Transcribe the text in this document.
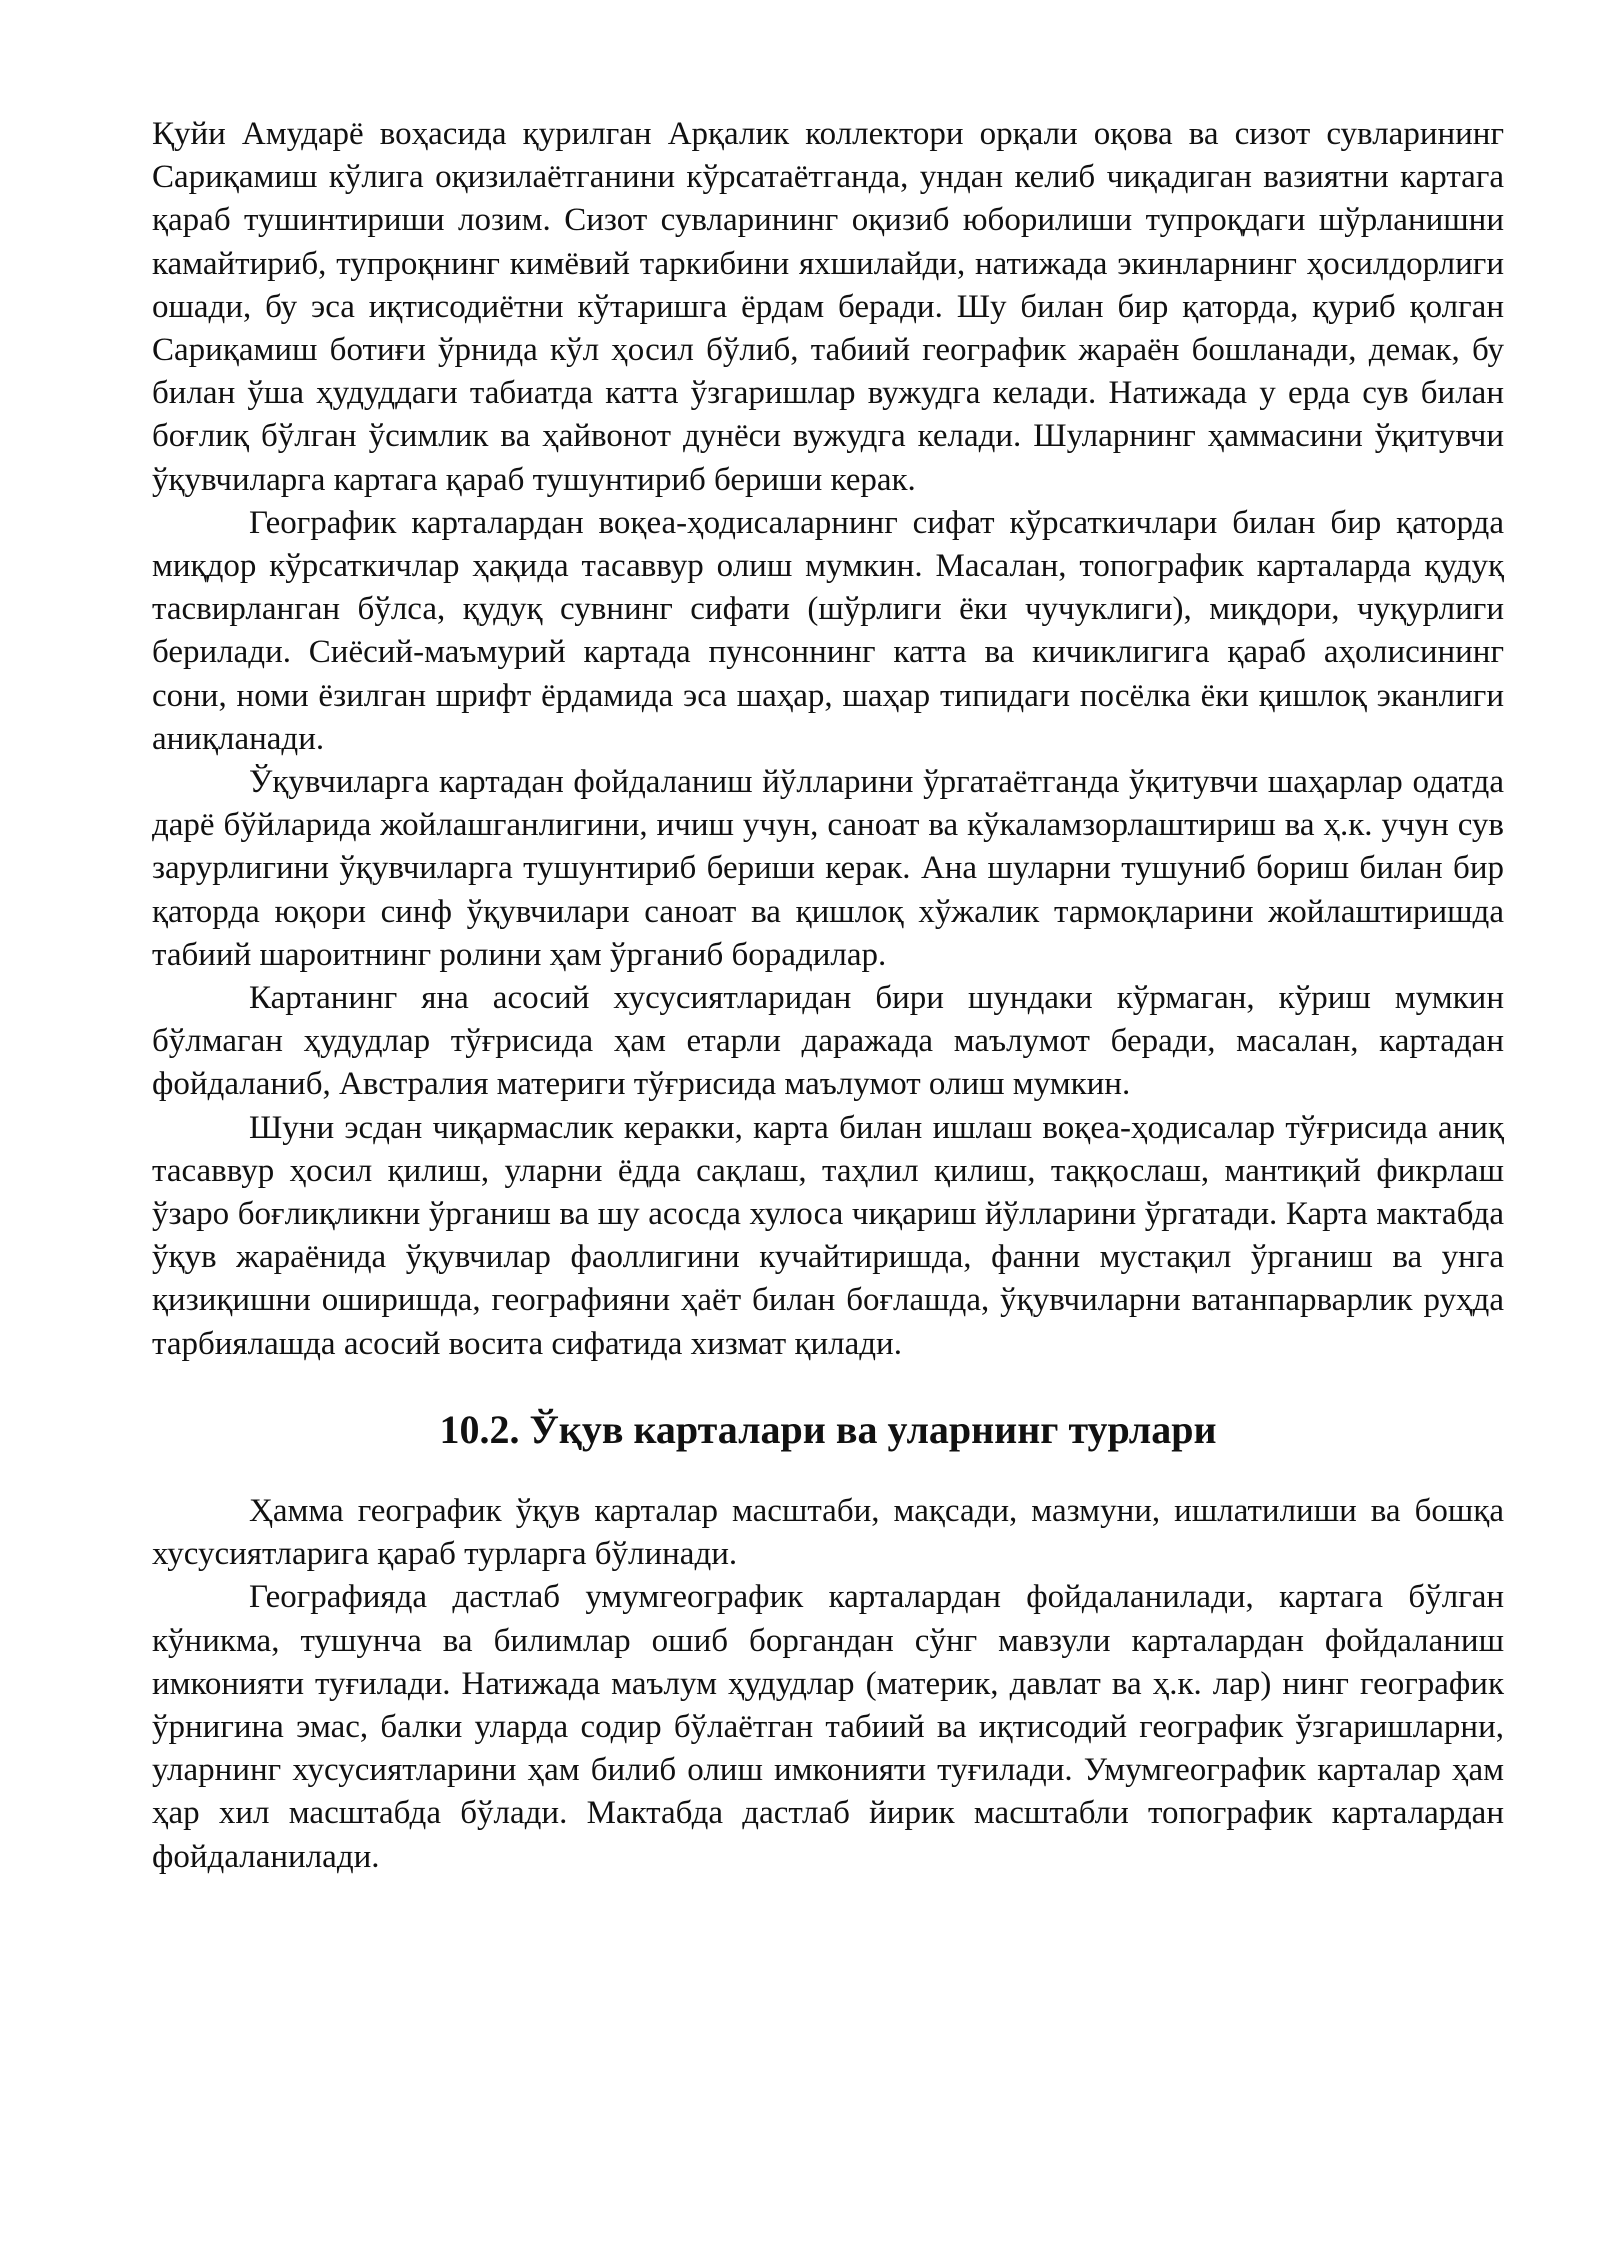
Қуйи Амударё воҳасида қурилган Арқалик коллектори орқали оқова ва сизот сувларининг Сариқамиш кўлига оқизилаётганини кўрсатаётганда, ундан келиб чиқадиган вазиятни картага қараб тушинтириши лозим. Сизот сувларининг оқизиб юборилиши тупроқдаги шўрланишни камайтириб, тупроқнинг кимёвий таркибини яхшилайди, натижада экинларнинг ҳосилдорлиги ошади, бу эса иқтисодиётни кўтаришга ёрдам беради. Шу билан бир қаторда, қуриб қолган Сариқамиш ботиғи ўрнида кўл ҳосил бўлиб, табиий географик жараён бошланади, демак, бу билан ўша ҳудуддаги табиатда катта ўзгаришлар вужудга келади. Натижада у ерда сув билан боғлиқ бўлган ўсимлик ва ҳайвонот дунёси вужудга келади. Шуларнинг ҳаммасини ўқитувчи ўқувчиларга картага қараб тушунтириб бериши керак.

Географик карталардан воқеа-ҳодисаларнинг сифат кўрсаткичлари билан бир қаторда миқдор кўрсаткичлар ҳақида тасаввур олиш мумкин. Масалан, топографик карталарда қудуқ тасвирланган бўлса, қудуқ сувнинг сифати (шўрлиги ёки чучуклиги), миқдори, чуқурлиги берилади. Сиёсий-маъмурий картада пунсоннинг катта ва кичиклигига қараб аҳолисининг сони, номи ёзилган шрифт ёрдамида эса шаҳар, шаҳар типидаги посёлка ёки қишлоқ эканлиги аниқланади.

Ўқувчиларга картадан фойдаланиш йўлларини ўргатаётганда ўқитувчи шаҳарлар одатда дарё бўйларида жойлашганлигини, ичиш учун, саноат ва кўкаламзорлаштириш ва ҳ.к. учун сув зарурлигини ўқувчиларга тушунтириб бериши керак. Ана шуларни тушуниб бориш билан бир қаторда юқори синф ўқувчилари саноат ва қишлоқ хўжалик тармоқларини жойлаштиришда табиий шароитнинг ролини ҳам ўрганиб борадилар.

Картанинг яна асосий хусусиятларидан бири шундаки кўрмаган, кўриш мумкин бўлмаган ҳудудлар тўғрисида ҳам етарли даражада маълумот беради, масалан, картадан фойдаланиб, Австралия материги тўғрисида маълумот олиш мумкин.

Шуни эсдан чиқармаслик керакки, карта билан ишлаш воқеа-ҳодисалар тўғрисида аниқ тасаввур ҳосил қилиш, уларни ёдда сақлаш, таҳлил қилиш, таққослаш, мантиқий фикрлаш ўзаро боғлиқликни ўрганиш ва шу асосда хулоса чиқариш йўлларини ўргатади. Карта мактабда ўқув жараёнида ўқувчилар фаоллигини кучайтиришда, фанни мустақил ўрганиш ва унга қизиқишни оширишда, географияни ҳаёт билан боғлашда, ўқувчиларни ватанпарварлик руҳда тарбиялашда асосий восита сифатида хизмат қилади.

10.2. Ўқув карталари ва уларнинг турлари

Ҳамма географик ўқув карталар масштаби, мақсади, мазмуни, ишлатилиши ва бошқа хусусиятларига қараб турларга бўлинади.

Географияда дастлаб умумгеографик карталардан фойдаланилади, картага бўлган кўникма, тушунча ва билимлар ошиб боргандан сўнг мавзули карталардан фойдаланиш имконияти туғилади. Натижада маълум ҳудудлар (материк, давлат ва ҳ.к. лар) нинг географик ўрнигина эмас, балки уларда содир бўлаётган табиий ва иқтисодий географик ўзгаришларни, уларнинг хусусиятларини ҳам билиб олиш имконияти туғилади. Умумгеографик карталар ҳам ҳар хил масштабда бўлади. Мактабда дастлаб йирик масштабли топографик карталардан фойдаланилади.
